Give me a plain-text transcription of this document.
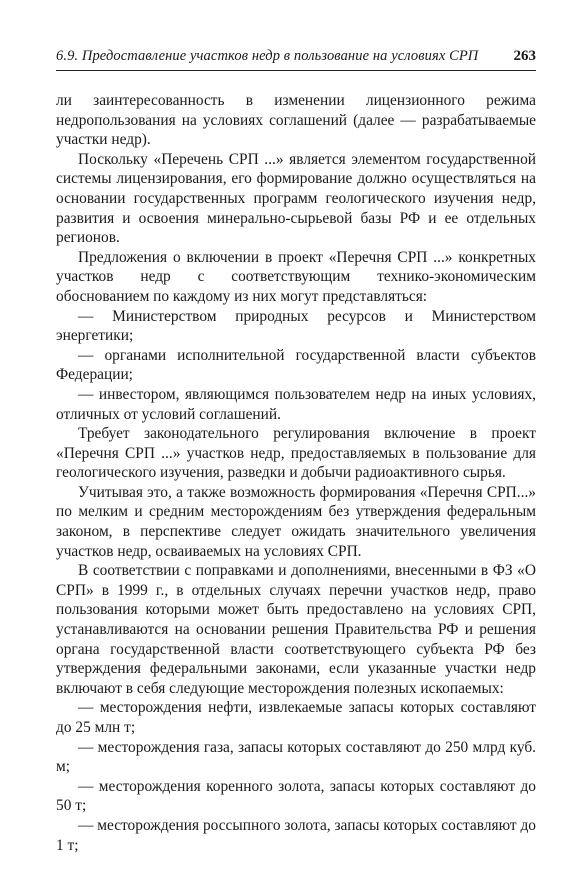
6.9. Предоставление участков недр в пользование на условиях СРП 263

ли заинтересованность в изменении лицензионного режима недропользования на условиях соглашений (далее — разрабатываемые участки недр).

Поскольку «Перечень СРП ...» является элементом государственной системы лицензирования, его формирование должно осуществляться на основании государственных программ геологического изучения недр, развития и освоения минерально-сырьевой базы РФ и ее отдельных регионов.

Предложения о включении в проект «Перечня СРП ...» конкретных участков недр с соответствующим технико-экономическим обоснованием по каждому из них могут представляться:

— Министерством природных ресурсов и Министерством энергетики;

— органами исполнительной государственной власти субъектов Федерации;

— инвестором, являющимся пользователем недр на иных условиях, отличных от условий соглашений.

Требует законодательного регулирования включение в проект «Перечня СРП ...» участков недр, предоставляемых в пользование для геологического изучения, разведки и добычи радиоактивного сырья.

Учитывая это, а также возможность формирования «Перечня СРП...» по мелким и средним месторождениям без утверждения федеральным законом, в перспективе следует ожидать значительного увеличения участков недр, осваиваемых на условиях СРП.

В соответствии с поправками и дополнениями, внесенными в ФЗ «О СРП» в 1999 г., в отдельных случаях перечни участков недр, право пользования которыми может быть предоставлено на условиях СРП, устанавливаются на основании решения Правительства РФ и решения органа государственной власти соответствующего субъекта РФ без утверждения федеральными законами, если указанные участки недр включают в себя следующие месторождения полезных ископаемых:

— месторождения нефти, извлекаемые запасы которых составляют до 25 млн т;

— месторождения газа, запасы которых составляют до 250 млрд куб. м;

— месторождения коренного золота, запасы которых составляют до 50 т;

— месторождения россыпного золота, запасы которых составляют до 1 т;
